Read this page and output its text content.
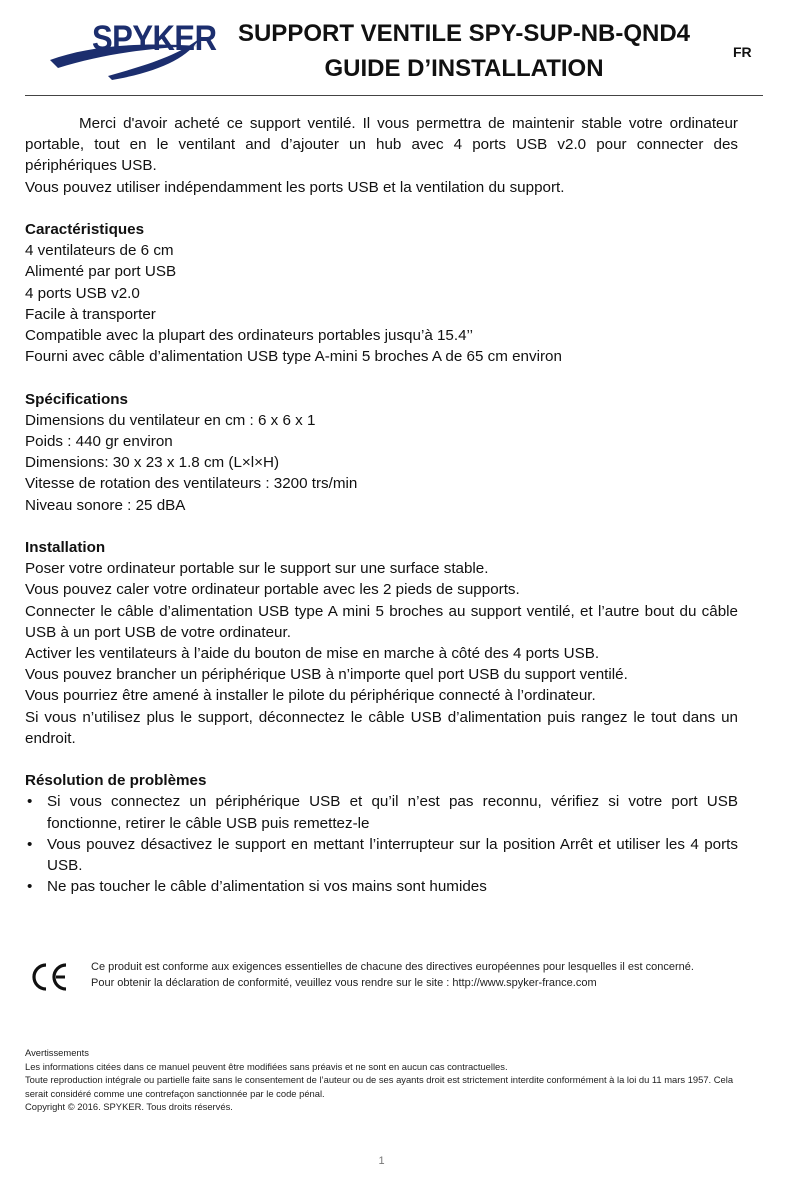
SPYKER SUPPORT VENTILE SPY-SUP-NB-QND4
GUIDE D’INSTALLATION
FR

Merci d'avoir acheté ce support ventilé. Il vous permettra de maintenir stable votre ordinateur portable, tout en le ventilant and d’ajouter un hub avec 4 ports USB v2.0 pour connecter des périphériques USB.

Vous pouvez utiliser indépendamment les ports USB et la ventilation du support.

Caractéristiques

4 ventilateurs de 6 cm

Alimenté par port USB

4 ports USB v2.0

Facile à transporter

Compatible avec la plupart des ordinateurs portables jusqu’à 15.4’’

Fourni avec câble d’alimentation USB type A-mini 5 broches A de 65 cm environ

Spécifications

Dimensions du ventilateur en cm : 6 x 6 x 1

Poids : 440 gr environ

Dimensions: 30 x 23 x 1.8 cm (L×l×H)

Vitesse de rotation des ventilateurs : 3200 trs/min

Niveau sonore : 25 dBA

Installation

Poser votre ordinateur portable sur le support sur une surface stable.

Vous pouvez caler votre ordinateur portable avec les 2 pieds de supports.

Connecter le câble d’alimentation USB type A mini 5 broches au support ventilé, et l’autre bout du câble USB à un port USB de votre ordinateur.

Activer les ventilateurs à l’aide du bouton de mise en marche à côté des 4 ports USB.

Vous pouvez brancher un périphérique USB à n’importe quel port USB du support ventilé.

Vous pourriez être amené à installer le pilote du périphérique connecté à l’ordinateur.

Si vous n’utilisez plus le support, déconnectez le câble USB d’alimentation puis rangez le tout dans un endroit.

Résolution de problèmes

• Si vous connectez un périphérique USB et qu’il n’est pas reconnu, vérifiez si votre port USB fonctionne, retirer le câble USB puis remettez-le
• Vous pouvez désactivez le support en mettant l’interrupteur sur la position Arrêt et utiliser les 4 ports USB.
• Ne pas toucher le câble d’alimentation si vos mains sont humides
Ce produit est conforme aux exigences essentielles de chacune des directives européennes pour lesquelles il est concerné.
Pour obtenir la déclaration de conformité, veuillez vous rendre sur le site : http://www.spyker-france.com

Avertissements

Les informations citées dans ce manuel peuvent être modifiées sans préavis et ne sont en aucun cas contractuelles.

Toute reproduction intégrale ou partielle faite sans le consentement de l’auteur ou de ses ayants droit est strictement interdite conformément à la loi du 11 mars 1957. Cela serait considéré comme une contrefaçon sanctionnée par le code pénal.

Copyright © 2016. SPYKER. Tous droits réservés.

1
